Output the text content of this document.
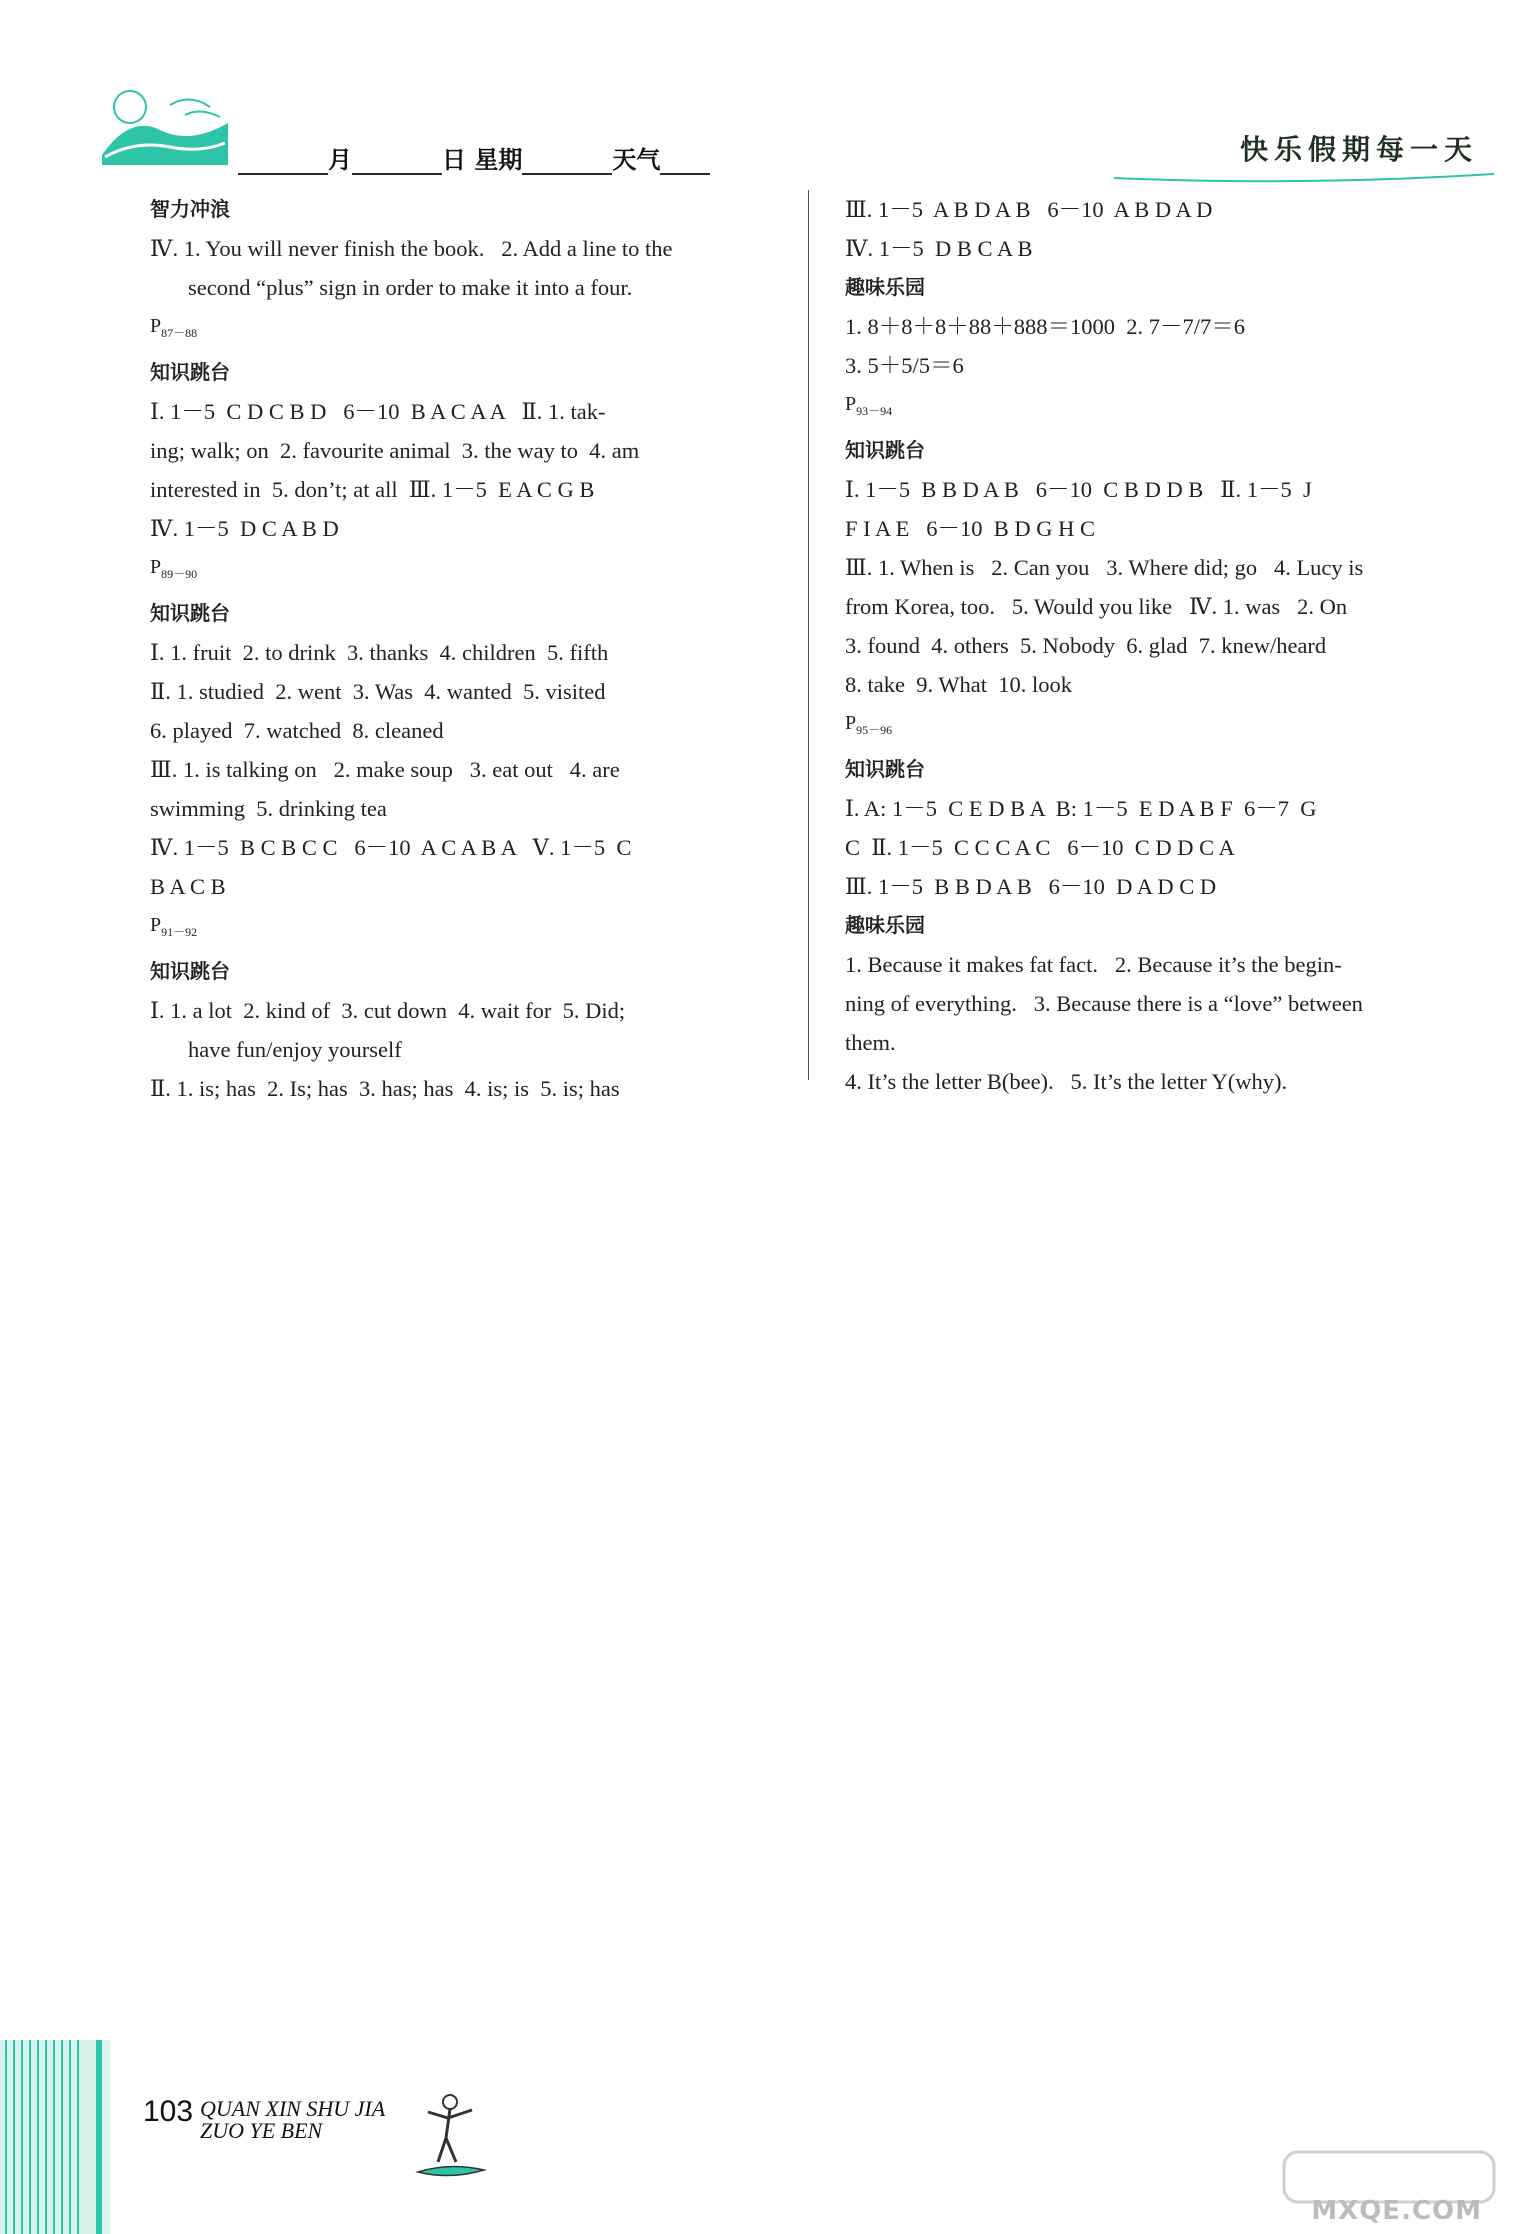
月	日 星期	天气	快乐假期每一天
智力冲浪
Ⅳ. 1. You will never finish the book.   2. Add a line to the
second “plus” sign in order to make it into a four.
$P_{87-88}$
知识跳台
Ⅰ. 1－5  C D C B D   6－10  B A C A A   Ⅱ. 1. tak-
ing; walk; on  2. favourite animal  3. the way to  4. am
interested in  5. don’t; at all  Ⅲ. 1－5  E A C G B
Ⅳ. 1－5  D C A B D
$P_{89-90}$
知识跳台
Ⅰ. 1. fruit  2. to drink  3. thanks  4. children  5. fifth
Ⅱ. 1. studied  2. went  3. Was  4. wanted  5. visited
6. played  7. watched  8. cleaned
Ⅲ. 1. is talking on   2. make soup   3. eat out   4. are
swimming  5. drinking tea
Ⅳ. 1－5  B C B C C   6－10  A C A B A   Ⅴ. 1－5  C
B A C B
$P_{91-92}$
知识跳台
Ⅰ. 1. a lot  2. kind of  3. cut down  4. wait for  5. Did;
have fun/enjoy yourself
Ⅱ. 1. is; has  2. Is; has  3. has; has  4. is; is  5. is; has
Ⅲ. 1－5  A B D A B   6－10  A B D A D
Ⅳ. 1－5  D B C A B
趣味乐园
1. 8＋8＋8＋88＋888＝1000  2. 7－7/7＝6
3. 5＋5/5＝6
$P_{93-94}$
知识跳台
Ⅰ. 1－5  B B D A B   6－10  C B D D B   Ⅱ. 1－5  J
F I A E   6－10  B D G H C
Ⅲ. 1. When is   2. Can you   3. Where did; go   4. Lucy is
from Korea, too.   5. Would you like   Ⅳ. 1. was   2. On
3. found  4. others  5. Nobody  6. glad  7. knew/heard
8. take  9. What  10. look
$P_{95-96}$
知识跳台
Ⅰ. A: 1－5  C E D B A  B: 1－5  E D A B F  6－7  G
C  Ⅱ. 1－5  C C C A C   6－10  C D D C A
Ⅲ. 1－5  B B D A B   6－10  D A D C D
趣味乐园
1. Because it makes fat fact.   2. Because it’s the begin-
ning of everything.   3. Because there is a “love” between
them.
4. It’s the letter B(bee).   5. It’s the letter Y(why).
103 QUAN XIN SHU JIA
ZUO YE BEN
MXQE.COM
